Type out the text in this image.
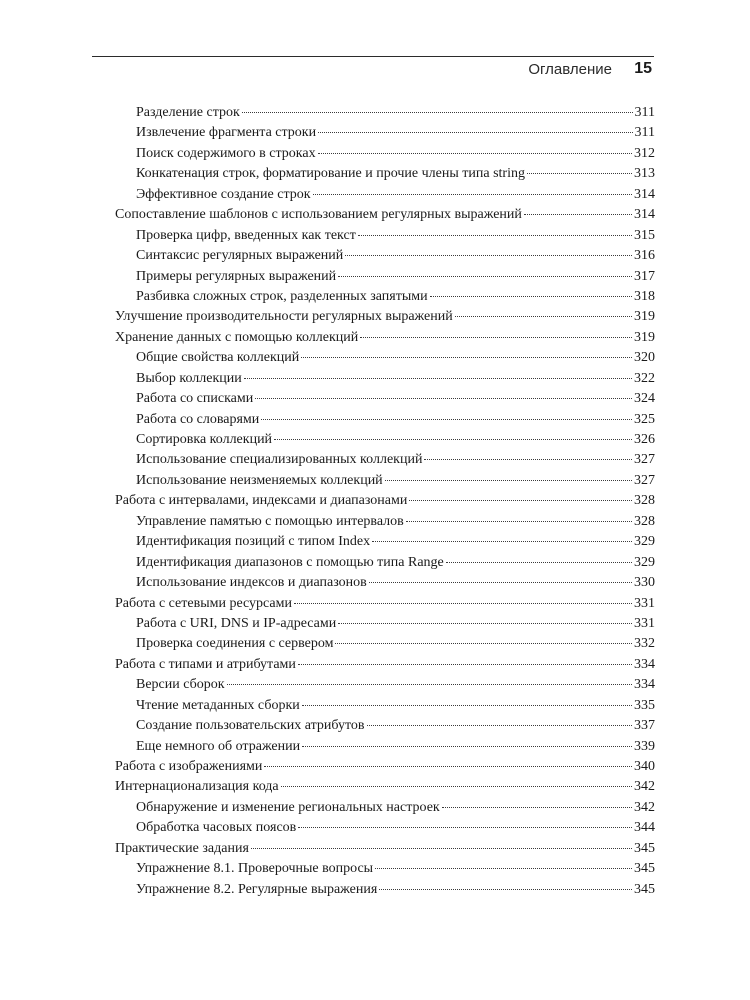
Оглавление 15
Разделение строк	311
Извлечение фрагмента строки	311
Поиск содержимого в строках	312
Конкатенация строк, форматирование и прочие члены типа string	313
Эффективное создание строк	314
Сопоставление шаблонов с использованием регулярных выражений	314
Проверка цифр, введенных как текст	315
Синтаксис регулярных выражений	316
Примеры регулярных выражений	317
Разбивка сложных строк, разделенных запятыми	318
Улучшение производительности регулярных выражений	319
Хранение данных с помощью коллекций	319
Общие свойства коллекций	320
Выбор коллекции	322
Работа со списками	324
Работа со словарями	325
Сортировка коллекций	326
Использование специализированных коллекций	327
Использование неизменяемых коллекций	327
Работа с интервалами, индексами и диапазонами	328
Управление памятью с помощью интервалов	328
Идентификация позиций с типом Index	329
Идентификация диапазонов с помощью типа Range	329
Использование индексов и диапазонов	330
Работа с сетевыми ресурсами	331
Работа с URI, DNS и IP-адресами	331
Проверка соединения с сервером	332
Работа с типами и атрибутами	334
Версии сборок	334
Чтение метаданных сборки	335
Создание пользовательских атрибутов	337
Еще немного об отражении	339
Работа с изображениями	340
Интернационализация кода	342
Обнаружение и изменение региональных настроек	342
Обработка часовых поясов	344
Практические задания	345
Упражнение 8.1. Проверочные вопросы	345
Упражнение 8.2. Регулярные выражения	345
